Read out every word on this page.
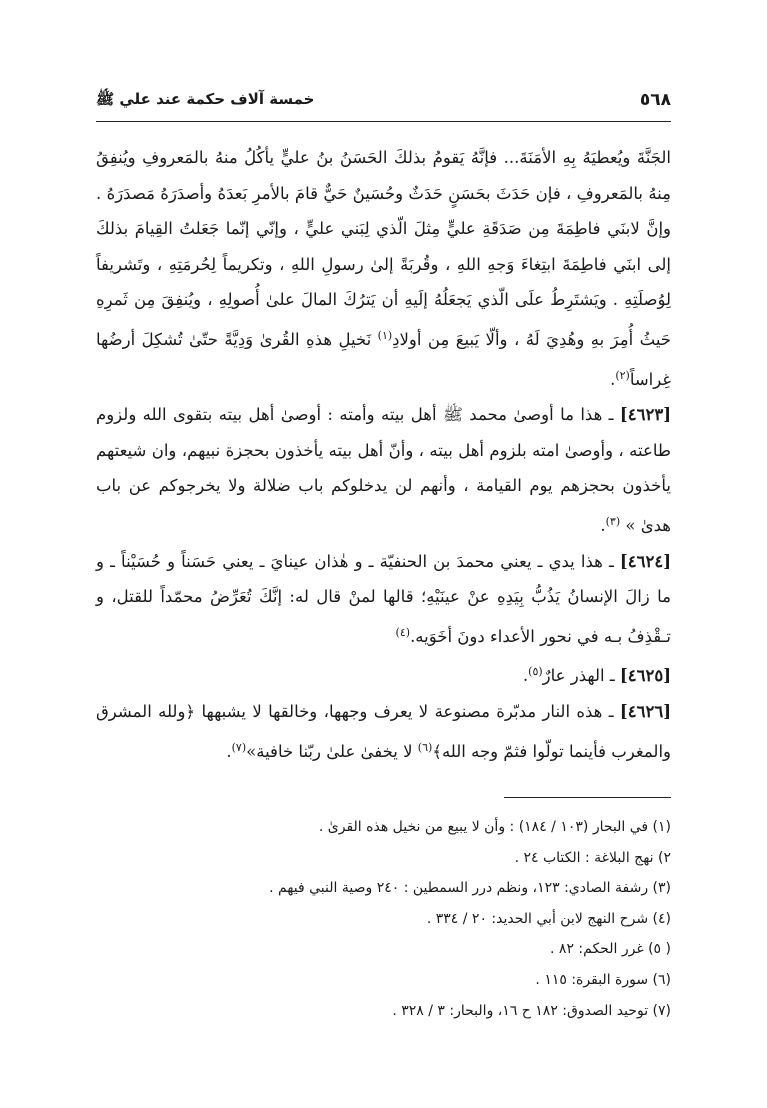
٥٦٨
خمسة آلاف حكمة عند علي ﷺ

الجَنَّةَ ويُعطيَهُ بِهِ الأمَنَةَ... فإنَّهُ يَقومُ بذلكَ الحَسَنُ بنُ عليٍّ يأكُلُ منهُ بالمَعروفِ ويُنفِقُ مِنهُ بالمَعروفِ ، فإن حَدَثَ بحَسَنٍ حَدَثٌ وحُسَينٌ حَيٌّ قامَ بالأمرِ بَعدَهُ وأصدَرَهُ مَصدَرَهُ . وإنَّ لابنَي فاطِمَةَ مِن صَدَقَةِ عليٍّ مِثلَ الّذي لِبَني عليٍّ ، وإنّي إنّما جَعَلتُ القِيامَ بذلكَ إلى ابنَي فاطِمَةَ ابتِغاءَ وَجهِ اللهِ ، وقُربَةً إلىٰ رسولِ اللهِ ، وتكريماً لِحُرمَتِهِ ، وتَشريفاً لِوُصلَتِهِ . ويَشتَرِطُ علَى الّذي يَجعَلُهُ إلَيهِ أن يَترُكَ المالَ علىٰ أُصولِهِ ، ويُنفِقَ مِن ثَمرِهِ حَيثُ أُمِرَ بهِ وهُدِيَ لَهُ ، وألّا يَبيعَ مِن أولادِ$^{(١)}$ نَخيلِ هذهِ القُرىٰ وَدِيَّةً حتّىٰ تُشكِلَ أرضُها غِراساً$^{(٢)}$.

[٤٦٢٣] ـ هذا ما أوصىٰ محمد ﷺ أهل بيته وأمته : أوصىٰ أهل بيته بتقوى الله ولزوم طاعته ، وأوصىٰ امته بلزوم أهل بيته ، وأنّ أهل بيته يأخذون بحجزة نبيهم، وان شيعتهم يأخذون بحجزهم يوم القيامة ، وأنهم لن يدخلوكم باب ضلالة ولا يخرجوكم عن باب هدىٰ » $^{(٣)}$.

[٤٦٢٤] ـ هذا يدي ـ يعني محمدَ بن الحنفيّة ـ و هٰذان عينايَ ـ يعني حَسَناً و حُسَيْناً ـ و ما زالَ الإنسانُ يَذُبُّ بِيَدِهِ عنْ عينَيْهِ؛ قالها لمنْ قال له: إنَّكَ تُعَرِّضُ محمّداً للقتل، و تـقْذِفُ بـه في نحور الأعداء دونَ أخَوَيه.$^{(٤)}$

[٤٦٢٥] ـ الهذر عارٌ$^{(٥)}$.

[٤٦٢٦] ـ هذه النار مدبّرة مصنوعة لا يعرف وجهها، وخالقها لا يشبهها ﴿ولله المشرق والمغرب فأينما تولّوا فثمّ وجه الله﴾$^{(٦)}$ لا يخفىٰ علىٰ ربّنا خافية»$^{(٧)}$.

(١) في البحار (١٠٣ / ١٨٤) : وأن لا يبيع من نخيل هذه القرىٰ .
٢) نهج البلاغة : الكتاب ٢٤ .
(٣) رشفة الصادي: ١٢٣، ونظم درر السمطين : ٢٤٠ وصية النبي فيهم .
(٤) شرح النهج لابن أبي الحديد: ٢٠ / ٣٣٤ .
( ٥) غرر الحكم: ٨٢ .
(٦) سورة البقرة: ١١٥ .
(٧) توحيد الصدوق: ١٨٢ ح ١٦، والبحار: ٣ / ٣٢٨ .
